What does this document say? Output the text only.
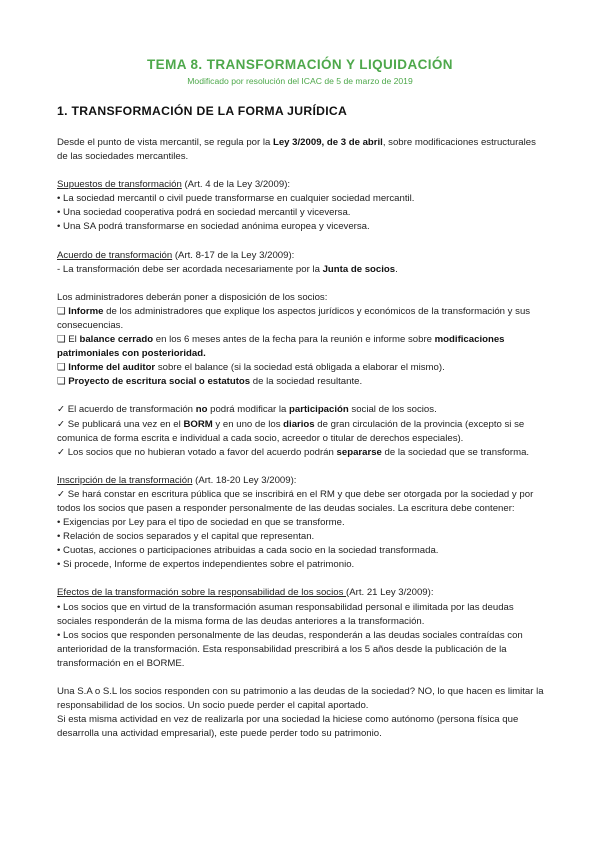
TEMA 8. TRANSFORMACIÓN Y LIQUIDACIÓN
Modificado por resolución del ICAC de 5 de marzo de 2019
1. TRANSFORMACIÓN DE LA FORMA JURÍDICA

Desde el punto de vista mercantil, se regula por la Ley 3/2009, de 3 de abril, sobre modificaciones estructurales de las sociedades mercantiles.

Supuestos de transformación (Art. 4 de la Ley 3/2009):

• La sociedad mercantil o civil puede transformarse en cualquier sociedad mercantil.

• Una sociedad cooperativa podrá en sociedad mercantil y viceversa.

• Una SA podrá transformarse en sociedad anónima europea y viceversa.

Acuerdo de transformación (Art. 8-17 de la Ley 3/2009):

- La transformación debe ser acordada necesariamente por la Junta de socios.

Los administradores deberán poner a disposición de los socios:

❑ Informe de los administradores que explique los aspectos jurídicos y económicos de la transformación y sus consecuencias.

❑ El balance cerrado en los 6 meses antes de la fecha para la reunión e informe sobre modificaciones patrimoniales con posterioridad.

❑ Informe del auditor sobre el balance (si la sociedad está obligada a elaborar el mismo).

❑ Proyecto de escritura social o estatutos de la sociedad resultante.

✓ El acuerdo de transformación no podrá modificar la participación social de los socios.

✓ Se publicará una vez en el BORM y en uno de los diarios de gran circulación de la provincia (excepto si se comunica de forma escrita e individual a cada socio, acreedor o titular de derechos especiales).

✓ Los socios que no hubieran votado a favor del acuerdo podrán separarse de la sociedad que se transforma.

Inscripción de la transformación (Art. 18-20 Ley 3/2009):

✓ Se hará constar en escritura pública que se inscribirá en el RM y que debe ser otorgada por la sociedad y por todos los socios que pasen a responder personalmente de las deudas sociales. La escritura debe contener:

• Exigencias por Ley para el tipo de sociedad en que se transforme.

• Relación de socios separados y el capital que representan.

• Cuotas, acciones o participaciones atribuidas a cada socio en la sociedad transformada.

• Si procede, Informe de expertos independientes sobre el patrimonio.

Efectos de la transformación sobre la responsabilidad de los socios (Art. 21 Ley 3/2009):

• Los socios que en virtud de la transformación asuman responsabilidad personal e ilimitada por las deudas sociales responderán de la misma forma de las deudas anteriores a la transformación.

• Los socios que responden personalmente de las deudas, responderán a las deudas sociales contraídas con anterioridad de la transformación. Esta responsabilidad prescribirá a los 5 años desde la publicación de la transformación en el BORME.

Una S.A o S.L los socios responden con su patrimonio a las deudas de la sociedad? NO, lo que hacen es limitar la responsabilidad de los socios. Un socio puede perder el capital aportado.

Si esta misma actividad en vez de realizarla por una sociedad la hiciese como autónomo (persona física que desarrolla una actividad empresarial), este puede perder todo su patrimonio.
